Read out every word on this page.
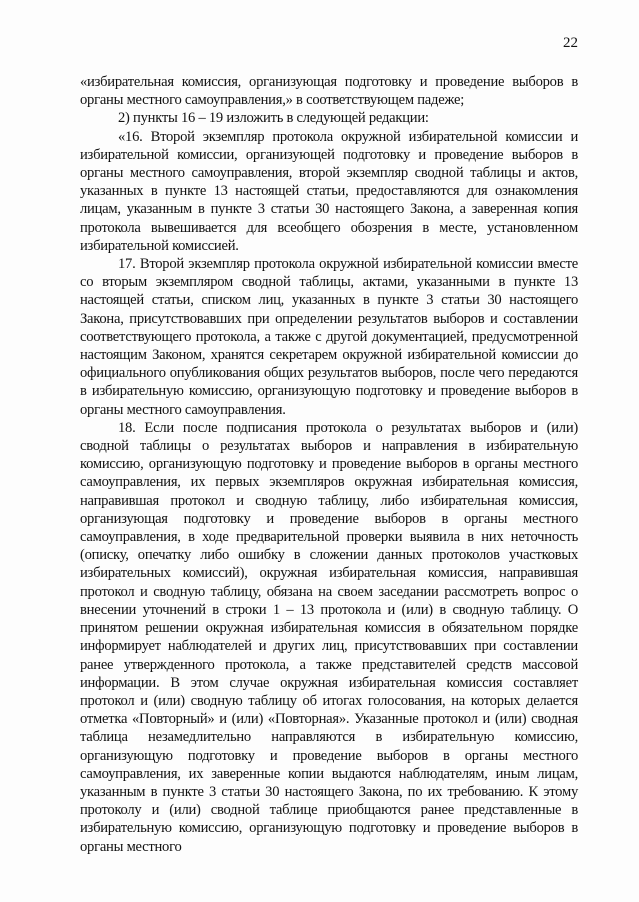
22

«избирательная комиссия, организующая подготовку и проведение выборов в органы местного самоуправления,» в соответствующем падеже;

2) пункты 16 – 19 изложить в следующей редакции:

«16. Второй экземпляр протокола окружной избирательной комиссии и избирательной комиссии, организующей подготовку и проведение выборов в органы местного самоуправления, второй экземпляр сводной таблицы и актов, указанных в пункте 13 настоящей статьи, предоставляются для ознакомления лицам, указанным в пункте 3 статьи 30 настоящего Закона, а заверенная копия протокола вывешивается для всеобщего обозрения в месте, установленном избирательной комиссией.

17. Второй экземпляр протокола окружной избирательной комиссии вместе со вторым экземпляром сводной таблицы, актами, указанными в пункте 13 настоящей статьи, списком лиц, указанных в пункте 3 статьи 30 настоящего Закона, присутствовавших при определении результатов выборов и составлении соответствующего протокола, а также с другой документацией, предусмотренной настоящим Законом, хранятся секретарем окружной избирательной комиссии до официального опубликования общих результатов выборов, после чего передаются в избирательную комиссию, организующую подготовку и проведение выборов в органы местного самоуправления.

18. Если после подписания протокола о результатах выборов и (или) сводной таблицы о результатах выборов и направления в избирательную комиссию, организующую подготовку и проведение выборов в органы местного самоуправления, их первых экземпляров окружная избирательная комиссия, направившая протокол и сводную таблицу, либо избирательная комиссия, организующая подготовку и проведение выборов в органы местного самоуправления, в ходе предварительной проверки выявила в них неточность (описку, опечатку либо ошибку в сложении данных протоколов участковых избирательных комиссий), окружная избирательная комиссия, направившая протокол и сводную таблицу, обязана на своем заседании рассмотреть вопрос о внесении уточнений в строки 1 – 13 протокола и (или) в сводную таблицу. О принятом решении окружная избирательная комиссия в обязательном порядке информирует наблюдателей и других лиц, присутствовавших при составлении ранее утвержденного протокола, а также представителей средств массовой информации. В этом случае окружная избирательная комиссия составляет протокол и (или) сводную таблицу об итогах голосования, на которых делается отметка «Повторный» и (или) «Повторная». Указанные протокол и (или) сводная таблица незамедлительно направляются в избирательную комиссию, организующую подготовку и проведение выборов в органы местного самоуправления, их заверенные копии выдаются наблюдателям, иным лицам, указанным в пункте 3 статьи 30 настоящего Закона, по их требованию. К этому протоколу и (или) сводной таблице приобщаются ранее представленные в избирательную комиссию, организующую подготовку и проведение выборов в органы местного
